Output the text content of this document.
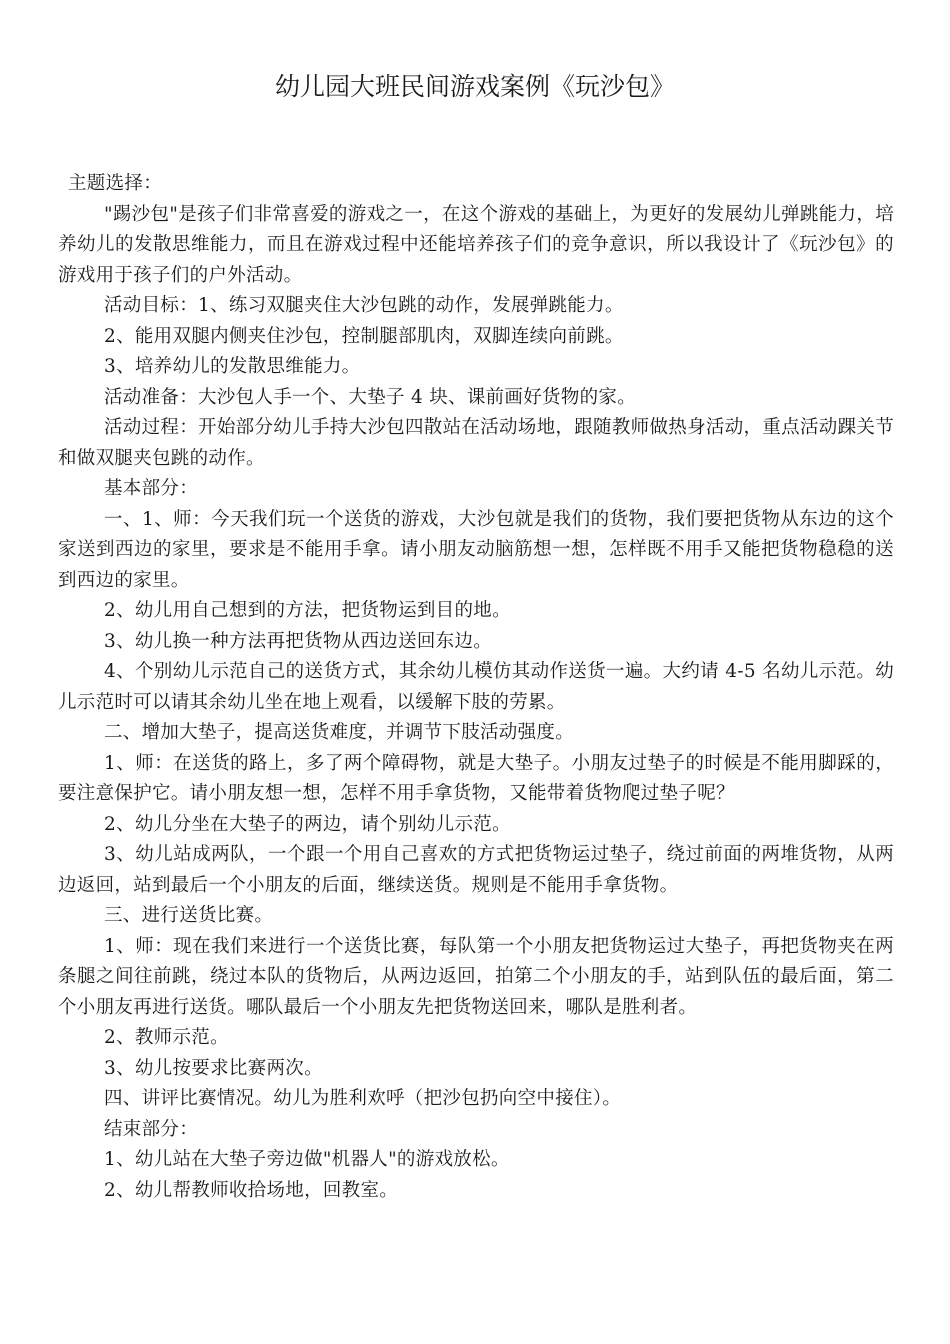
幼儿园大班民间游戏案例《玩沙包》

主题选择：

"踢沙包"是孩子们非常喜爱的游戏之一，在这个游戏的基础上，为更好的发展幼儿弹跳能力，培养幼儿的发散思维能力，而且在游戏过程中还能培养孩子们的竞争意识，所以我设计了《玩沙包》的游戏用于孩子们的户外活动。

活动目标：1、练习双腿夹住大沙包跳的动作，发展弹跳能力。

2、能用双腿内侧夹住沙包，控制腿部肌肉，双脚连续向前跳。

3、培养幼儿的发散思维能力。

活动准备：大沙包人手一个、大垫子 4 块、课前画好货物的家。

活动过程：开始部分幼儿手持大沙包四散站在活动场地，跟随教师做热身活动，重点活动踝关节和做双腿夹包跳的动作。

基本部分：

一、1、师：今天我们玩一个送货的游戏，大沙包就是我们的货物，我们要把货物从东边的这个家送到西边的家里，要求是不能用手拿。请小朋友动脑筋想一想，怎样既不用手又能把货物稳稳的送到西边的家里。

2、幼儿用自己想到的方法，把货物运到目的地。

3、幼儿换一种方法再把货物从西边送回东边。

4、个别幼儿示范自己的送货方式，其余幼儿模仿其动作送货一遍。大约请 4-5 名幼儿示范。幼儿示范时可以请其余幼儿坐在地上观看，以缓解下肢的劳累。

二、增加大垫子，提高送货难度，并调节下肢活动强度。

1、师：在送货的路上，多了两个障碍物，就是大垫子。小朋友过垫子的时候是不能用脚踩的，要注意保护它。请小朋友想一想，怎样不用手拿货物，又能带着货物爬过垫子呢？

2、幼儿分坐在大垫子的两边，请个别幼儿示范。

3、幼儿站成两队，一个跟一个用自己喜欢的方式把货物运过垫子，绕过前面的两堆货物，从两边返回，站到最后一个小朋友的后面，继续送货。规则是不能用手拿货物。

三、进行送货比赛。

1、师：现在我们来进行一个送货比赛，每队第一个小朋友把货物运过大垫子，再把货物夹在两条腿之间往前跳，绕过本队的货物后，从两边返回，拍第二个小朋友的手，站到队伍的最后面，第二个小朋友再进行送货。哪队最后一个小朋友先把货物送回来，哪队是胜利者。

2、教师示范。

3、幼儿按要求比赛两次。

四、讲评比赛情况。幼儿为胜利欢呼（把沙包扔向空中接住）。

结束部分：

1、幼儿站在大垫子旁边做"机器人"的游戏放松。

2、幼儿帮教师收拾场地，回教室。
